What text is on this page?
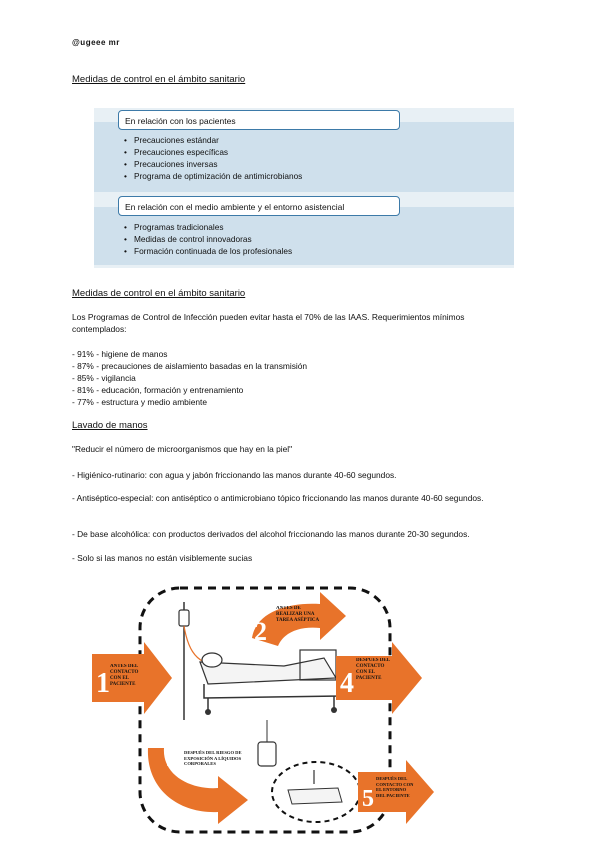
@ugeee mr
Medidas de control en el ámbito sanitario
En relación con los pacientes
• Precauciones estándar
• Precauciones específicas
• Precauciones inversas
• Programa de optimización de antimicrobianos
En relación con el medio ambiente y el entorno asistencial
• Programas tradicionales
• Medidas de control innovadoras
• Formación continuada de los profesionales
Medidas de control en el ámbito sanitario
Los Programas de Control de Infección pueden evitar hasta el 70% de las IAAS. Requerimientos mínimos contemplados:
- 91% - higiene de manos
- 87% - precauciones de aislamiento basadas en la transmisión
- 85% - vigilancia
- 81% - educación, formación y entrenamiento
- 77% - estructura y medio ambiente
Lavado de manos
"Reducir el número de microorganismos que hay en la piel"
- Higiénico-rutinario: con agua y jabón friccionando las manos durante 40-60 segundos.
- Antiséptico-especial: con antiséptico o antimicrobiano tópico friccionando las manos durante 40-60 segundos.
- De base alcohólica: con productos derivados del alcohol friccionando las manos durante 20-30 segundos.
- Solo si las manos no están visiblemente sucias
1
ANTES DEL CONTACTO CON EL PACIENTE
2
ANTES DE REALIZAR UNA TAREA ASÉPTICA
3 DESPUÉS DEL RIESGO DE EXPOSICIÓN A LÍQUIDOS CORPORALES
4
DESPUÉS DEL CONTACTO CON EL PACIENTE
5
DESPUÉS DEL CONTACTO CON EL ENTORNO DEL PACIENTE
